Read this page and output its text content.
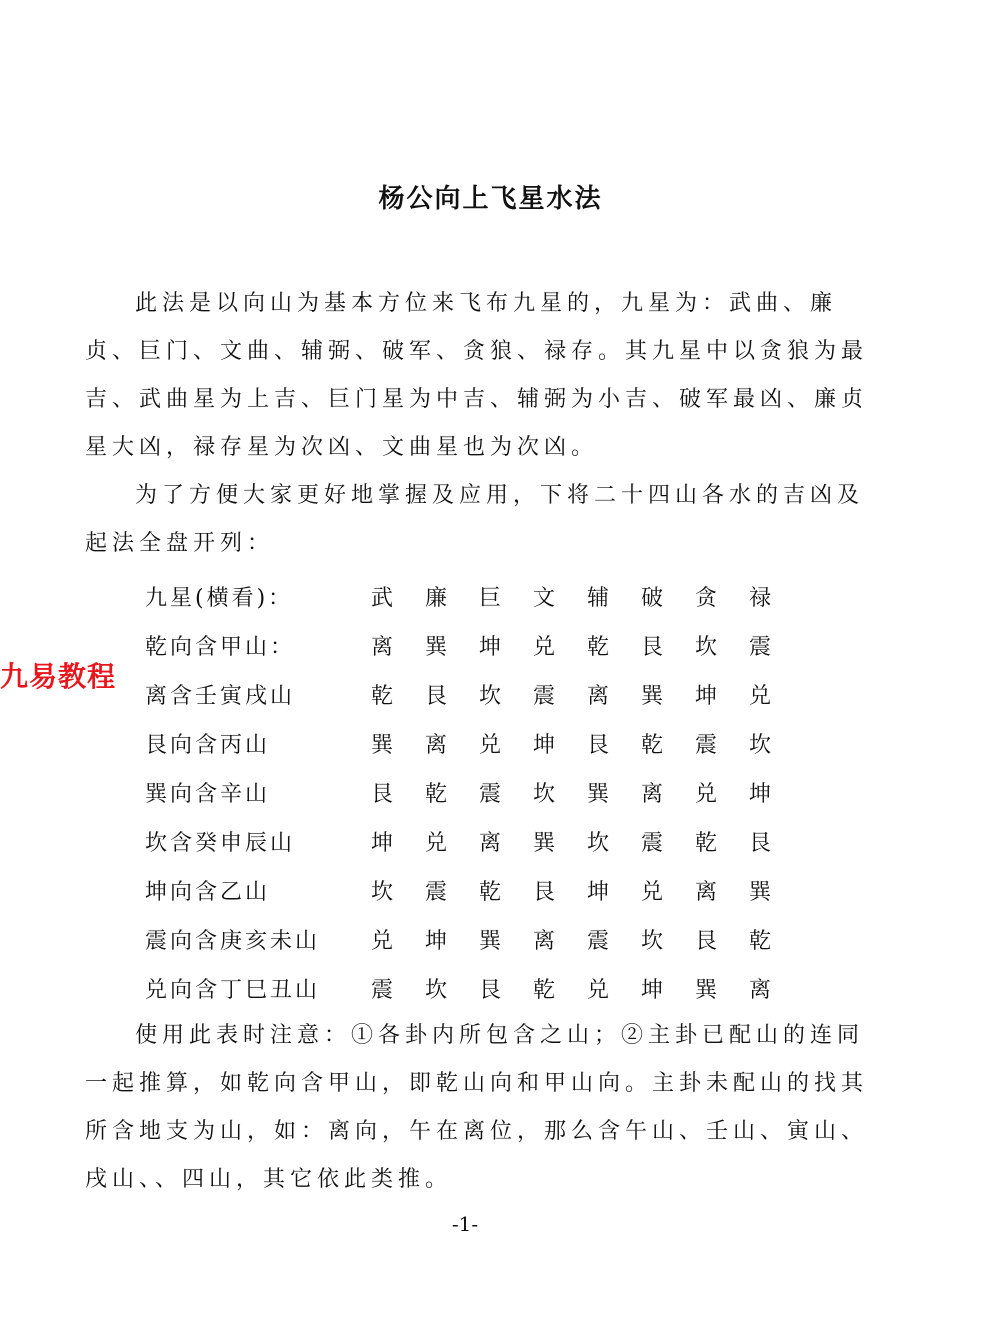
杨公向上飞星水法

此法是以向山为基本方位来飞布九星的，九星为：武曲、廉贞、巨门、文曲、辅弼、破军、贪狼、禄存。其九星中以贪狼为最吉、武曲星为上吉、巨门星为中吉、辅弼为小吉、破军最凶、廉贞星大凶，禄存星为次凶、文曲星也为次凶。

为了方便大家更好地掌握及应用，下将二十四山各水的吉凶及起法全盘开列：

九星(横看)：	武	廉	巨	文	辅	破	贪	禄
乾向含甲山：	离	巽	坤	兑	乾	艮	坎	震
离含壬寅戌山	乾	艮	坎	震	离	巽	坤	兑
艮向含丙山	巽	离	兑	坤	艮	乾	震	坎
巽向含辛山	艮	乾	震	坎	巽	离	兑	坤
坎含癸申辰山	坤	兑	离	巽	坎	震	乾	艮
坤向含乙山	坎	震	乾	艮	坤	兑	离	巽
震向含庚亥未山	兑	坤	巽	离	震	坎	艮	乾
兑向含丁巳丑山	震	坎	艮	乾	兑	坤	巽	离

使用此表时注意：①各卦内所包含之山；②主卦已配山的连同一起推算，如乾向含甲山，即乾山向和甲山向。主卦未配山的找其所含地支为山，如：离向，午在离位，那么含午山、壬山、寅山、戌山、、四山，其它依此类推。

九易教程
-1-
